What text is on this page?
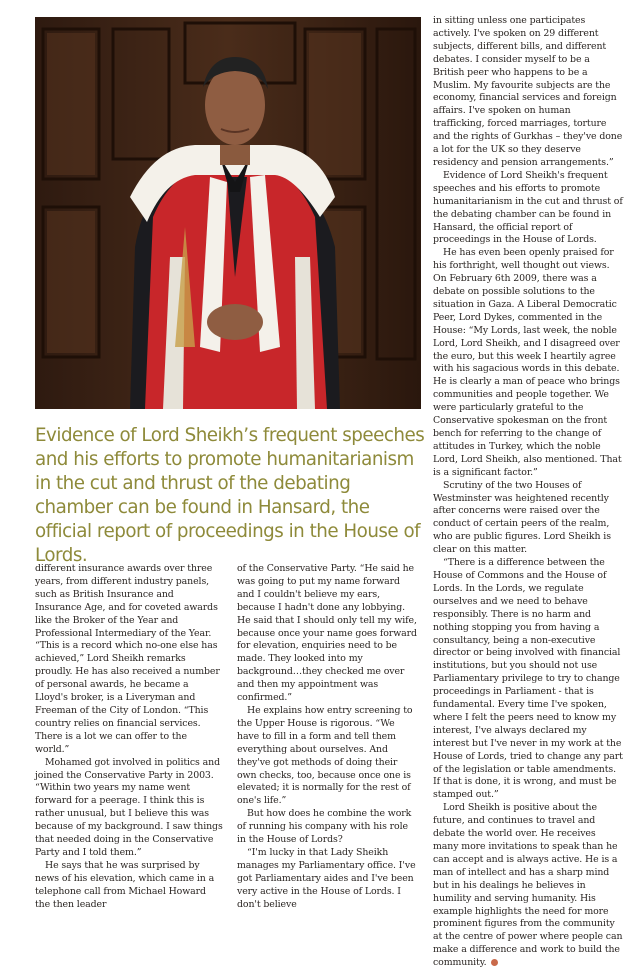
Evidence of Lord Sheikh’s frequent speeches and his efforts to promote humanitarianism in the cut and thrust of the debating chamber can be found in Hansard, the official report of proceedings in the House of Lords.

different insurance awards over three years, from different industry panels, such as British Insurance and Insurance Age, and for coveted awards like the Broker of the Year and Professional Intermediary of the Year. “This is a record which no-one else has achieved,” Lord Sheikh remarks proudly. He has also received a number of personal awards, he became a Lloyd's broker, is a Liveryman and Freeman of the City of London. “This country relies on financial services. There is a lot we can offer to the world.”

Mohamed got involved in politics and joined the Conservative Party in 2003. “Within two years my name went forward for a peerage. I think this is rather unusual, but I believe this was because of my background. I saw things that needed doing in the Conservative Party and I told them.”

He says that he was surprised by news of his elevation, which came in a telephone call from Michael Howard the then leader

of the Conservative Party. “He said he was going to put my name forward and I couldn't believe my ears, because I hadn't done any lobbying. He said that I should only tell my wife, because once your name goes forward for elevation, enquiries need to be made. They looked into my background…they checked me over and then my appointment was confirmed.”

He explains how entry screening to the Upper House is rigorous. “We have to fill in a form and tell them everything about ourselves. And they've got methods of doing their own checks, too, because once one is elevated; it is normally for the rest of one's life.”

But how does he combine the work of running his company with his role in the House of Lords?

“I'm lucky in that Lady Sheikh manages my Parliamentary office. I've got Parliamentary aides and I've been very active in the House of Lords. I don't believe

in sitting unless one participates actively. I've spoken on 29 different subjects, different bills, and different debates. I consider myself to be a British peer who happens to be a Muslim. My favourite subjects are the economy, financial services and foreign affairs. I've spoken on human trafficking, forced marriages, torture and the rights of Gurkhas – they've done a lot for the UK so they deserve residency and pension arrangements.”

Evidence of Lord Sheikh's frequent speeches and his efforts to promote humanitarianism in the cut and thrust of the debating chamber can be found in Hansard, the official report of proceedings in the House of Lords.

He has even been openly praised for his forthright, well thought out views. On February 6th 2009, there was a debate on possible solutions to the situation in Gaza. A Liberal Democratic Peer, Lord Dykes, commented in the House: “My Lords, last week, the noble Lord, Lord Sheikh, and I disagreed over the euro, but this week I heartily agree with his sagacious words in this debate. He is clearly a man of peace who brings communities and people together. We were particularly grateful to the Conservative spokesman on the front bench for referring to the change of attitudes in Turkey, which the noble Lord, Lord Sheikh, also mentioned. That is a significant factor.”

Scrutiny of the two Houses of Westminster was heightened recently after concerns were raised over the conduct of certain peers of the realm, who are public figures. Lord Sheikh is clear on this matter.

“There is a difference between the House of Commons and the House of Lords. In the Lords, we regulate ourselves and we need to behave responsibly. There is no harm and nothing stopping you from having a consultancy, being a non-executive director or being involved with financial institutions, but you should not use Parliamentary privilege to try to change proceedings in Parliament - that is fundamental. Every time I've spoken, where I felt the peers need to know my interest, I've always declared my interest but I've never in my work at the House of Lords, tried to change any part of the legislation or table amendments. If that is done, it is wrong, and must be stamped out.”

Lord Sheikh is positive about the future, and continues to travel and debate the world over. He receives many more invitations to speak than he can accept and is always active. He is a man of intellect and has a sharp mind but in his dealings he believes in humility and serving humanity. His example highlights the need for more prominent figures from the community at the centre of power where people can make a difference and work to build the community.
